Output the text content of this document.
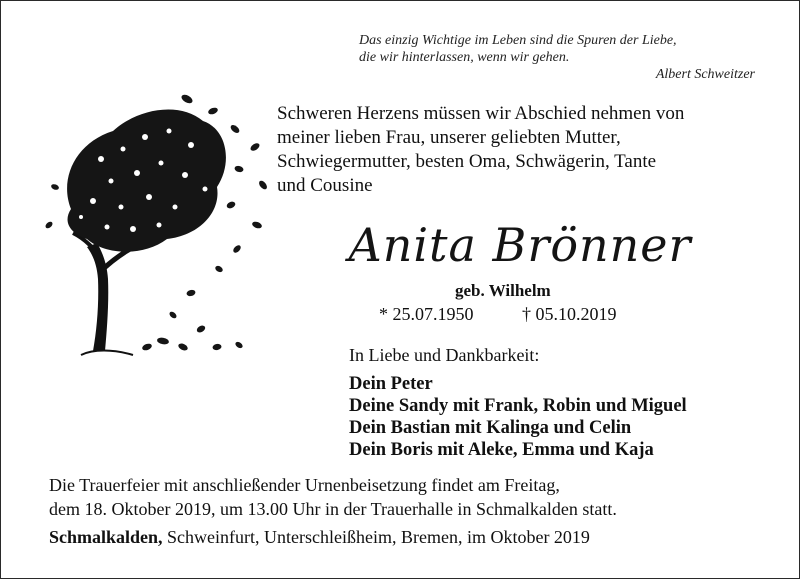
Das einzig Wichtige im Leben sind die Spuren der Liebe,
die wir hinterlassen, wenn wir gehen.
Albert Schweitzer
Schweren Herzens müssen wir Abschied nehmen von
meiner lieben Frau, unserer geliebten Mutter,
Schwiegermutter, besten Oma, Schwägerin, Tante
und Cousine
Anita Brönner
geb. Wilhelm
* 25.07.1950	† 05.10.2019
In Liebe und Dankbarkeit:
Dein Peter
Deine Sandy mit Frank, Robin und Miguel
Dein Bastian mit Kalinga und Celin
Dein Boris mit Aleke, Emma und Kaja
Die Trauerfeier mit anschließender Urnenbeisetzung findet am Freitag,
dem 18. Oktober 2019, um 13.00 Uhr in der Trauerhalle in Schmalkalden statt.
Schmalkalden, Schweinfurt, Unterschleißheim, Bremen, im Oktober 2019
